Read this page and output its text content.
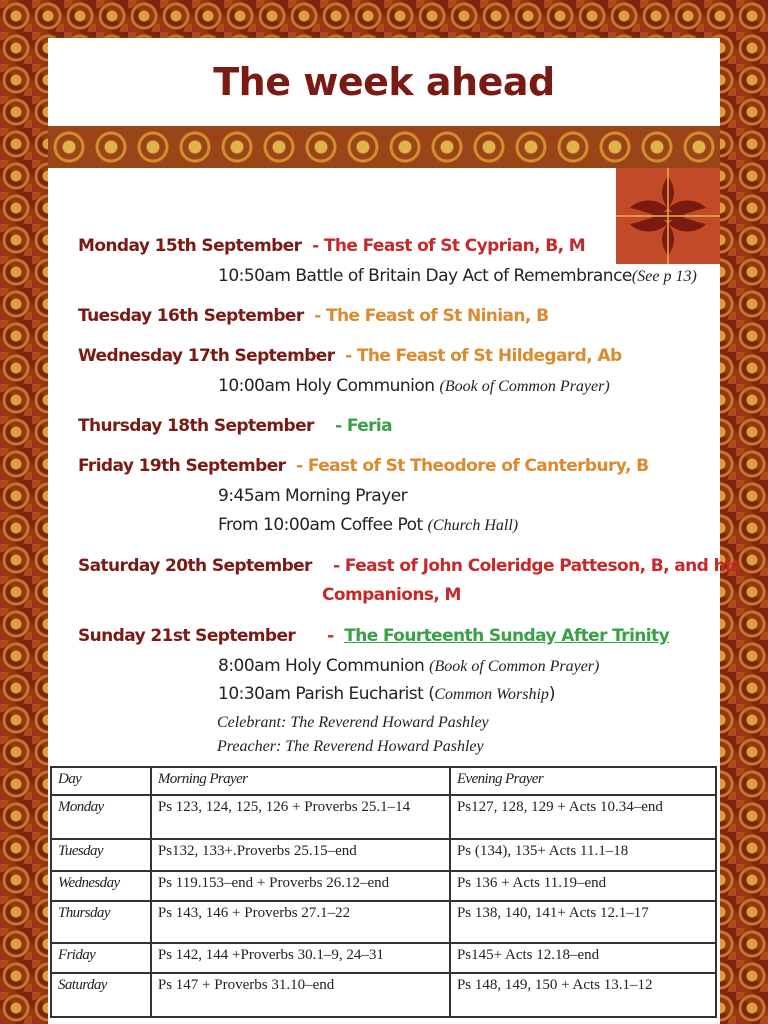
The week ahead
Monday 15th September - The Feast of St Cyprian, B, M
10:50am Battle of Britain Day Act of Remembrance(See p 13)
Tuesday 16th September - The Feast of St Ninian, B
Wednesday 17th September - The Feast of St Hildegard, Ab
10:00am Holy Communion (Book of Common Prayer)
Thursday 18th September - Feria
Friday 19th September - Feast of St Theodore of Canterbury, B
9:45am Morning Prayer
From 10:00am Coffee Pot (Church Hall)
Saturday 20th September - Feast of John Coleridge Patteson, B, and his
Companions, M
Sunday 21st September - The Fourteenth Sunday After Trinity
8:00am Holy Communion (Book of Common Prayer)
10:30am Parish Eucharist (Common Worship)
Celebrant: The Reverend Howard Pashley
Preacher: The Reverend Howard Pashley
Day	Morning Prayer	Evening Prayer
Monday	Ps 123, 124, 125, 126 + Proverbs 25.1–14	Ps127, 128, 129 + Acts 10.34–end
Tuesday	Ps132, 133+.Proverbs 25.15–end	Ps (134), 135+ Acts 11.1–18
Wednesday	Ps 119.153–end + Proverbs 26.12–end	Ps 136 + Acts 11.19–end
Thursday	Ps 143, 146 + Proverbs 27.1–22	Ps 138, 140, 141+ Acts 12.1–17
Friday	Ps 142, 144 +Proverbs 30.1–9, 24–31	Ps145+ Acts 12.18–end
Saturday	Ps 147 + Proverbs 31.10–end	Ps 148, 149, 150 + Acts 13.1–12
